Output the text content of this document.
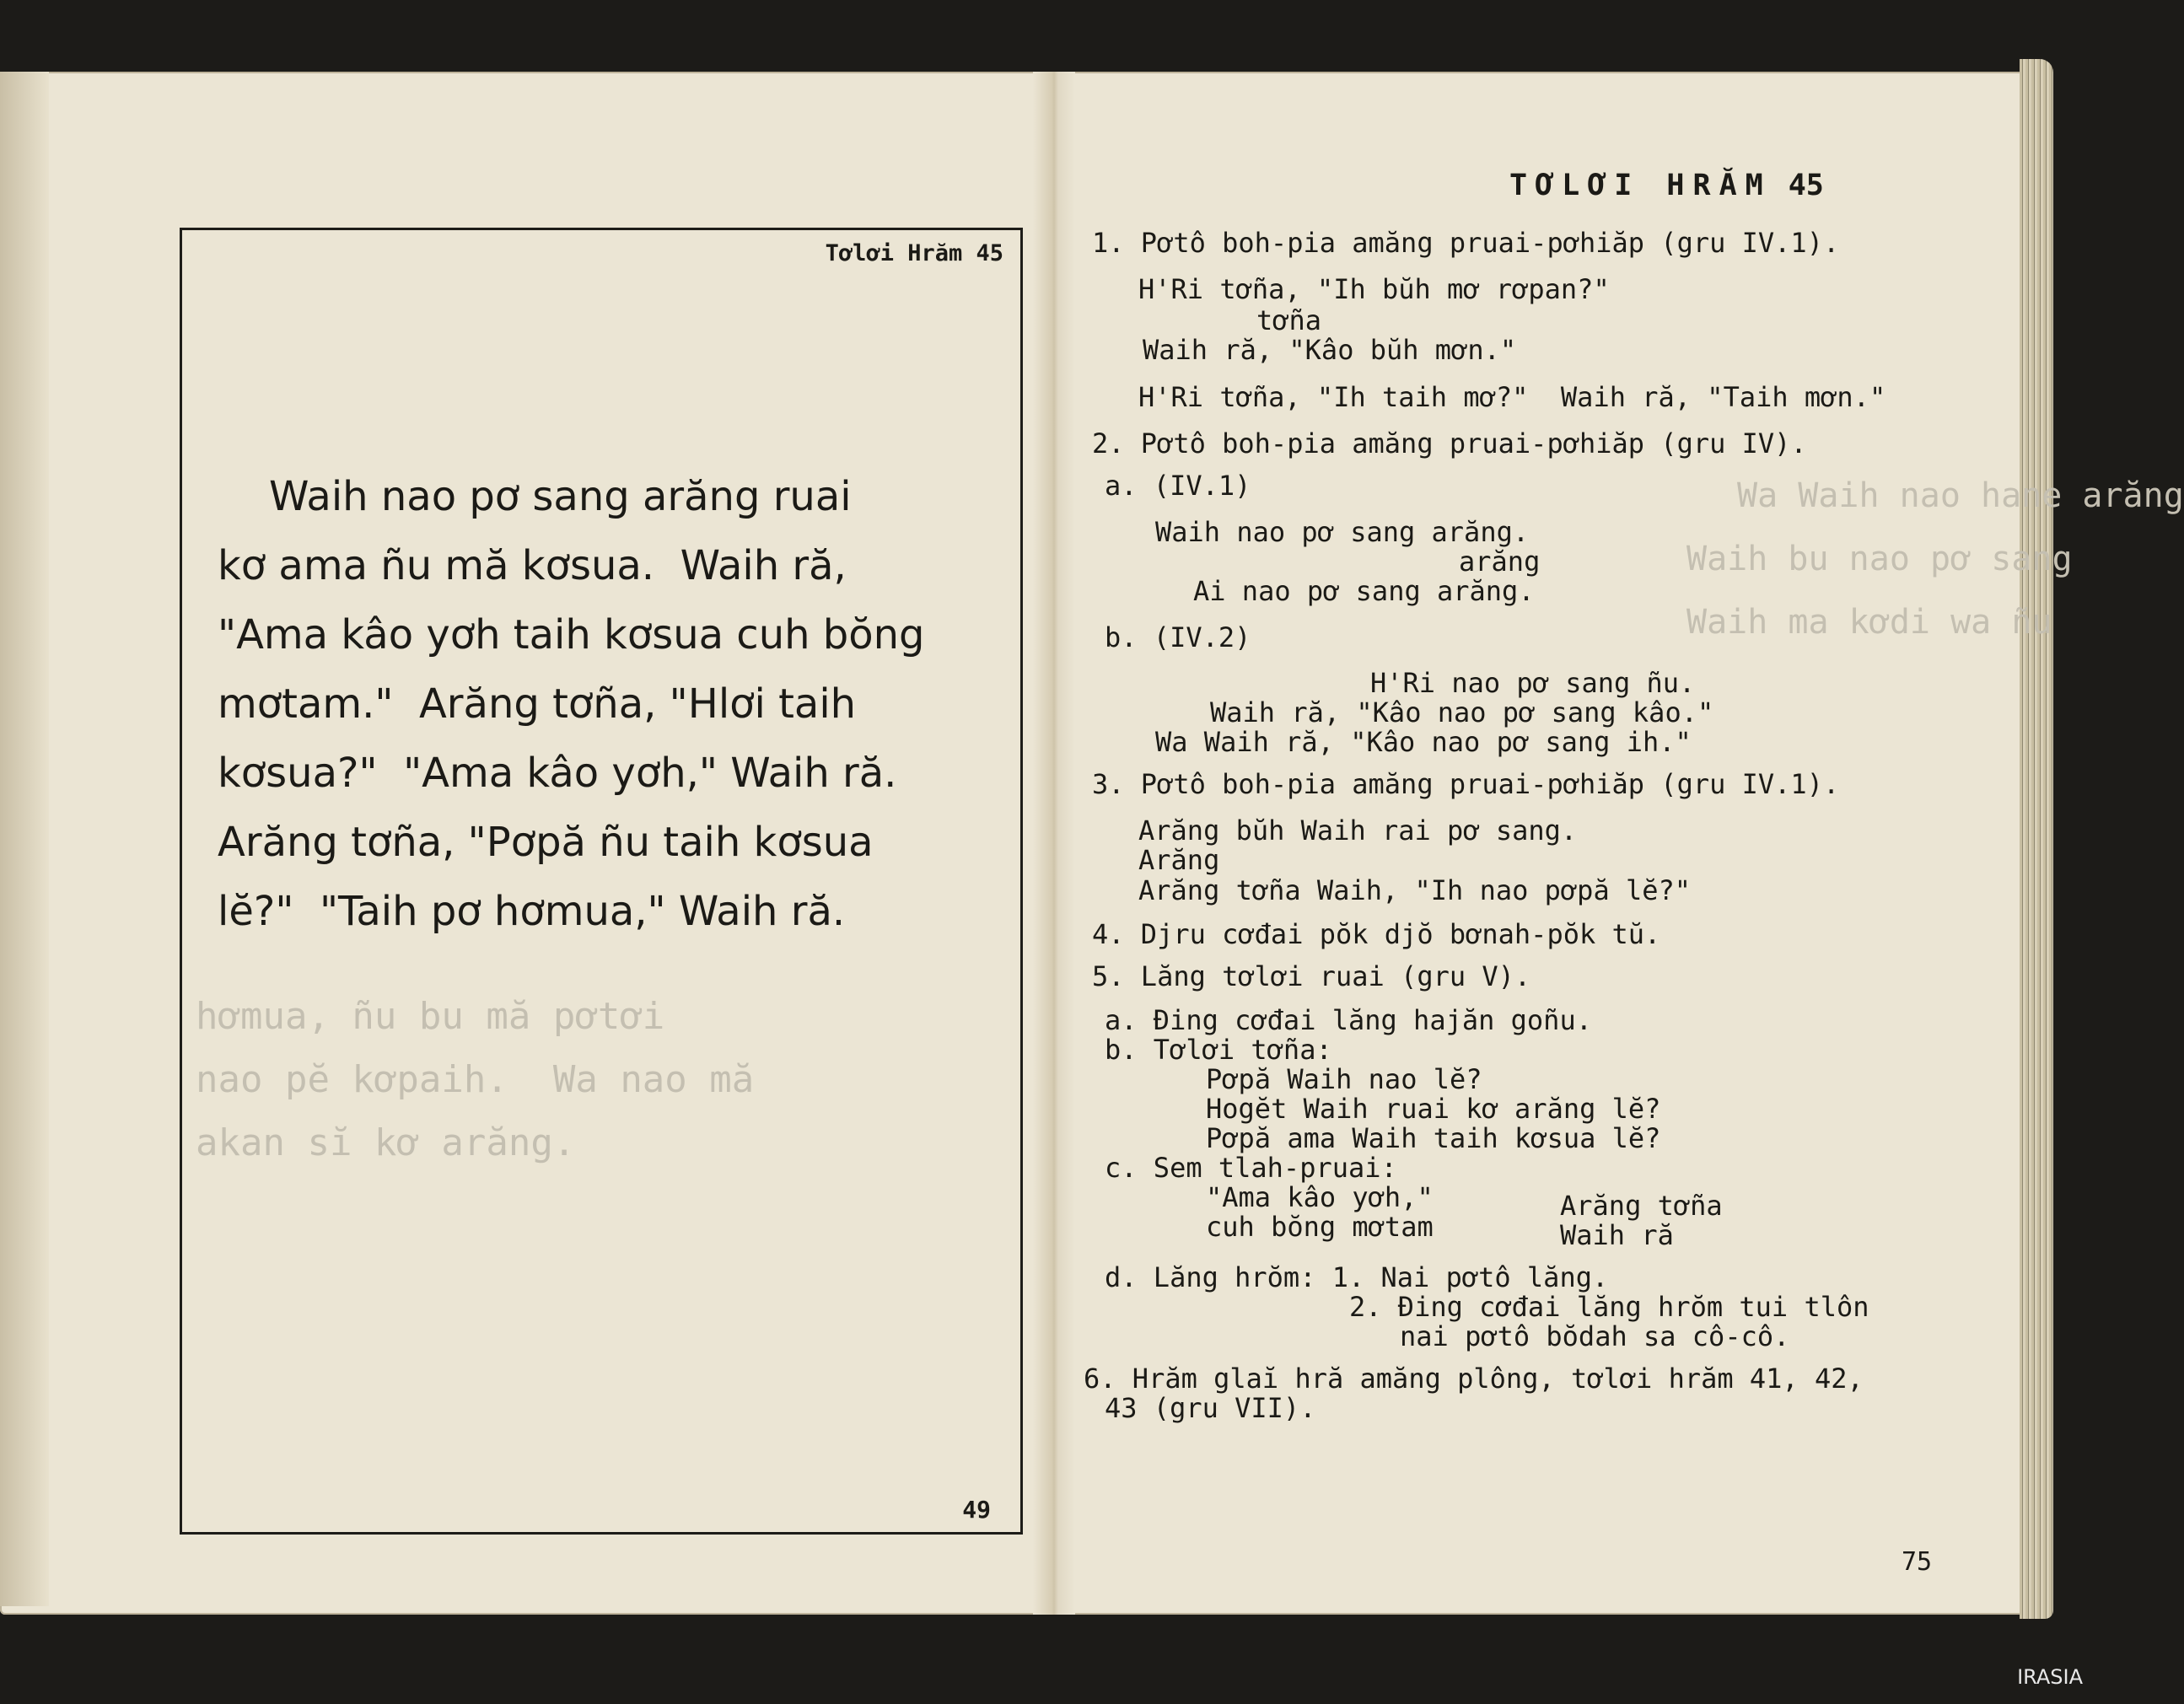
Wa Waih nao hane arăng
Waih bu nao pơ sang
Waih ma kơdi wa ñu
hơmua, ñu bu mă pơtơi
nao pĕ kơpaih.  Wa nao mă
akan sĭ kơ arăng.
Tơlơi Hrăm 45
Waih nao pơ sang arăng ruai
kơ ama ñu mă kơsua.  Waih ră,
"Ama kâo yơh taih kơsua cuh bŏng
mơtam."  Arăng tơña, "Hlơi taih
kơsua?"  "Ama kâo yơh," Waih ră.
Arăng tơña, "Pơpă ñu taih kơsua
lĕ?"  "Taih pơ hơmua," Waih ră.
49
TƠLƠI HRĂM 45
1. Pơtô boh-pia amăng pruai-pơhiăp (gru IV.1).
H'Ri tơña, "Ih bŭh mơ rơpan?"
tơña
Waih ră, "Kâo bŭh mơn."
H'Ri tơña, "Ih taih mơ?"  Waih ră, "Taih mơn."
2. Pơtô boh-pia amăng pruai-pơhiăp (gru IV).
a. (IV.1)
Waih nao pơ sang arăng.
arăng
Ai nao pơ sang arăng.
b. (IV.2)
H'Ri nao pơ sang ñu.
Waih ră, "Kâo nao pơ sang kâo."
Wa Waih ră, "Kâo nao pơ sang ih."
3. Pơtô boh-pia amăng pruai-pơhiăp (gru IV.1).
Arăng bŭh Waih rai pơ sang.
Arăng
Arăng tơña Waih, "Ih nao pơpă lĕ?"
4. Djru cơđai pŏk djŏ bơnah-pŏk tŭ.
5. Lăng tơlơi ruai (gru V).
a. Đing cơđai lăng hajăn goñu.
b. Tơlơi tơña:
Pơpă Waih nao lĕ?
Hogĕt Waih ruai kơ arăng lĕ?
Pơpă ama Waih taih kơsua lĕ?
c. Sem tlah-pruai:
"Ama kâo yơh,"	Arăng tơña
cuh bŏng mơtam	Waih ră
d. Lăng hrŏm: 1. Nai pơtô lăng.
2. Đing cơđai lăng hrŏm tui tlôn
nai pơtô bŏdah sa cô-cô.
6. Hrăm glaĭ hră amăng plông, tơlơi hrăm 41, 42,
43 (gru VII).
75
IRASIA
